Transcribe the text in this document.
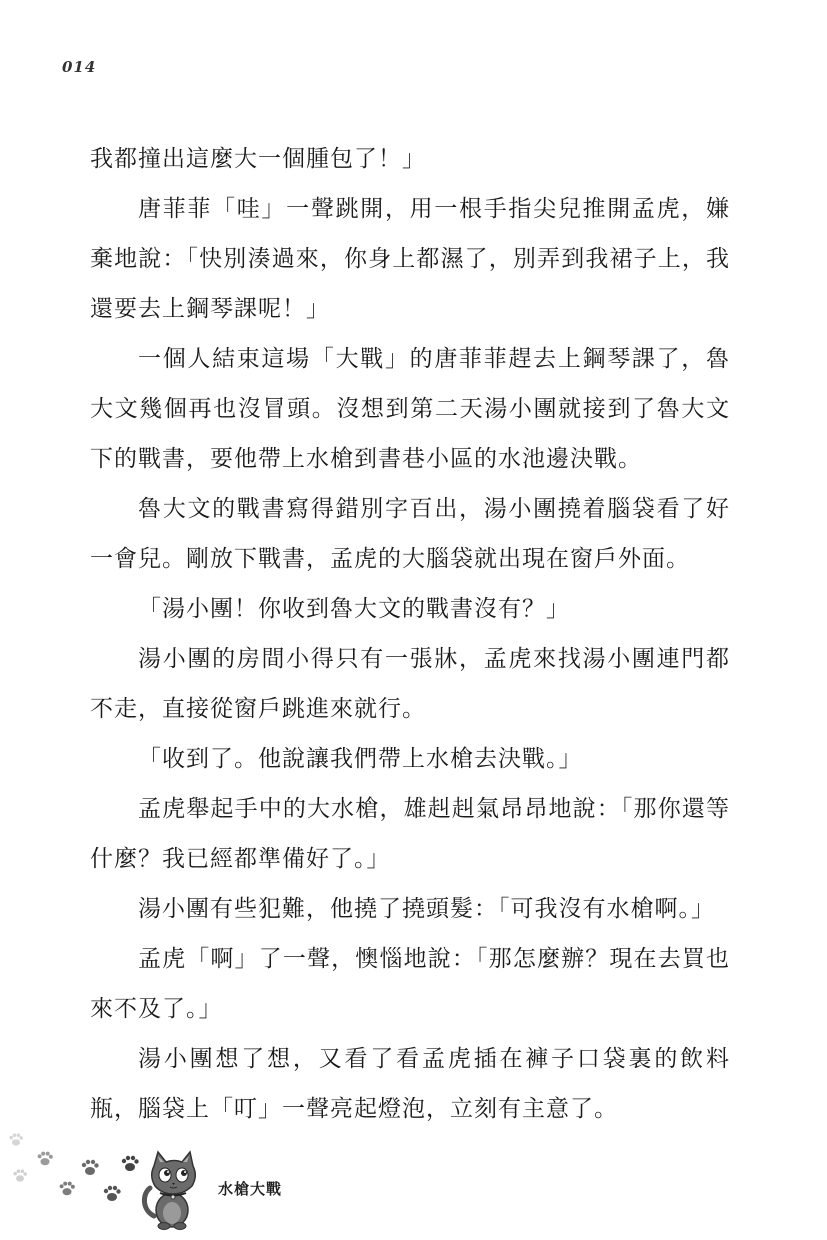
014

我都撞出這麼大一個腫包了！」

唐菲菲「哇」一聲跳開，用一根手指尖兒推開孟虎，嫌棄地說：「快別湊過來，你身上都濕了，別弄到我裙子上，我還要去上鋼琴課呢！」

一個人結束這場「大戰」的唐菲菲趕去上鋼琴課了，魯大文幾個再也沒冒頭。沒想到第二天湯小團就接到了魯大文下的戰書，要他帶上水槍到書巷小區的水池邊決戰。

魯大文的戰書寫得錯別字百出，湯小團撓着腦袋看了好一會兒。剛放下戰書，孟虎的大腦袋就出現在窗戶外面。

「湯小團！你收到魯大文的戰書沒有？」

湯小團的房間小得只有一張牀，孟虎來找湯小團連門都不走，直接從窗戶跳進來就行。

「收到了。他說讓我們帶上水槍去決戰。」

孟虎舉起手中的大水槍，雄赳赳氣昂昂地說：「那你還等什麼？我已經都準備好了。」

湯小團有些犯難，他撓了撓頭髮：「可我沒有水槍啊。」

孟虎「啊」了一聲，懊惱地說：「那怎麼辦？現在去買也來不及了。」

湯小團想了想，又看了看孟虎插在褲子口袋裏的飲料瓶，腦袋上「叮」一聲亮起燈泡，立刻有主意了。

水槍大戰
